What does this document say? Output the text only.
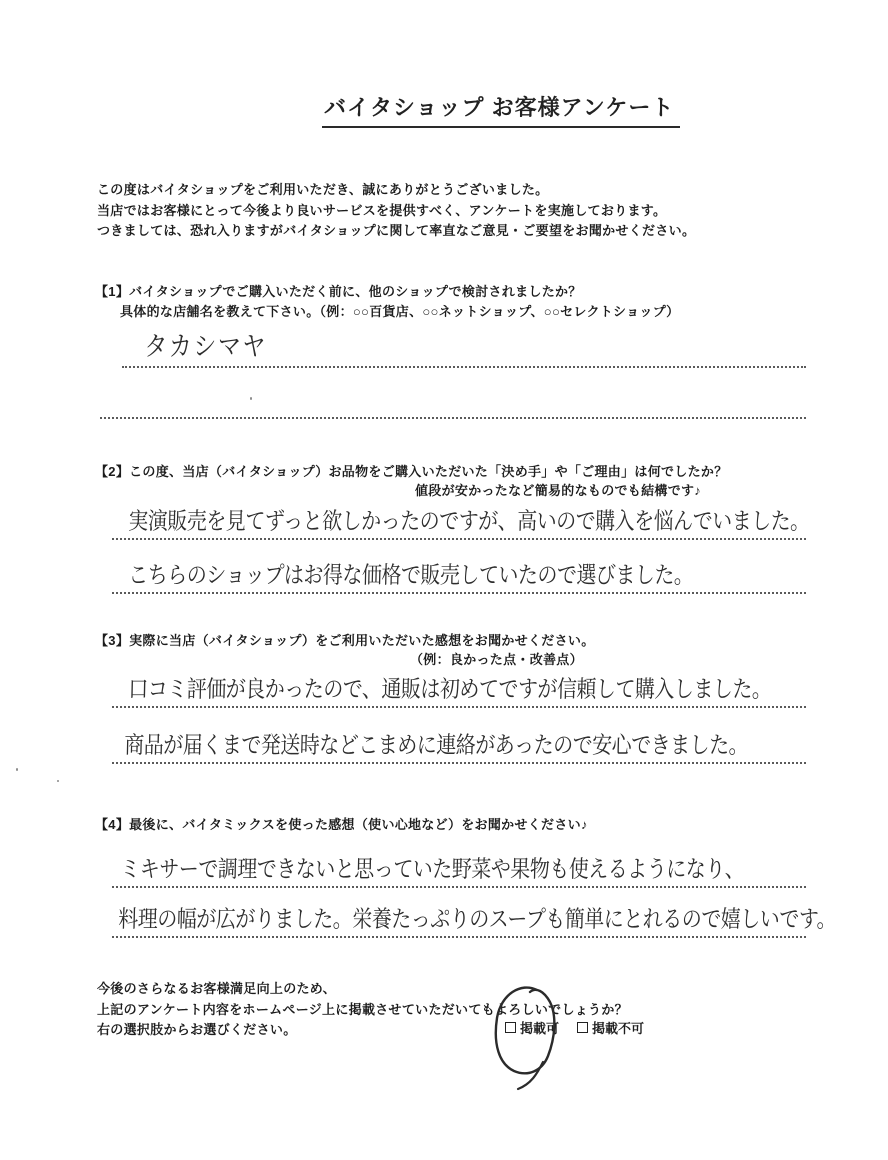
バイタショップ お客様アンケート
この度はバイタショップをご利用いただき、誠にありがとうございました。
当店ではお客様にとって今後より良いサービスを提供すべく、アンケートを実施しております。
つきましては、恐れ入りますがバイタショップに関して率直なご意見・ご要望をお聞かせください。
【1】バイタショップでご購入いただく前に、他のショップで検討されましたか？
具体的な店舗名を教えて下さい。（例：○○百貨店、○○ネットショップ、○○セレクトショップ）
タカシマヤ
【2】この度、当店（バイタショップ）お品物をご購入いただいた「決め手」や「ご理由」は何でしたか？
値段が安かったなど簡易的なものでも結構です♪
実演販売を見てずっと欲しかったのですが、高いので購入を悩んでいました。
こちらのショップはお得な価格で販売していたので選びました。
【3】実際に当店（バイタショップ）をご利用いただいた感想をお聞かせください。
（例：良かった点・改善点）
口コミ評価が良かったので、通販は初めてですが信頼して購入しました。
商品が届くまで発送時などこまめに連絡があったので安心できました。
【4】最後に、バイタミックスを使った感想（使い心地など）をお聞かせください♪
ミキサーで調理できないと思っていた野菜や果物も使えるようになり、
料理の幅が広がりました。栄養たっぷりのスープも簡単にとれるので嬉しいです。
今後のさらなるお客様満足向上のため、
上記のアンケート内容をホームページ上に掲載させていただいてもよろしいでしょうか？
右の選択肢からお選びください。	掲載可	掲載不可
